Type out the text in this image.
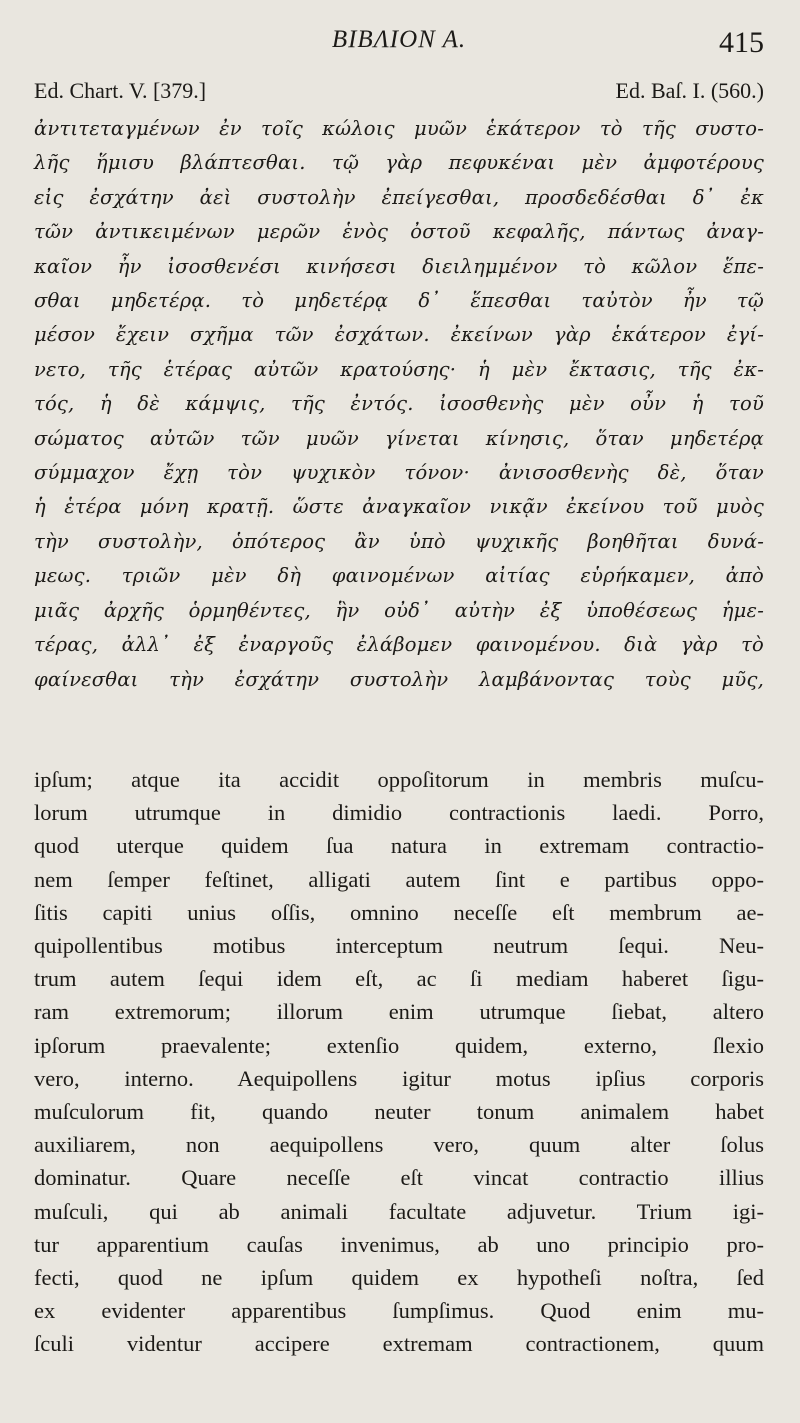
ΒΙΒΛΙΟΝ Α.	415
Ed. Chart. V. [379.]	Ed. Baſ. I. (560.)
ἀντιτεταγμένων ἐν τοῖς κώλοις μυῶν ἑκάτερον τὸ τῆς συστο-
λῆς ἥμισυ βλάπτεσθαι. τῷ γὰρ πεφυκέναι μὲν ἀμφοτέρους
εἰς ἐσχάτην ἀεὶ συστολὴν ἐπείγεσθαι, προσδεδέσθαι δ᾽ ἐκ
τῶν ἀντικειμένων μερῶν ἑνὸς ὀστοῦ κεφαλῆς, πάντως ἀναγ-
καῖον ἦν ἰσοσθενέσι κινήσεσι διειλημμένον τὸ κῶλον ἕπε-
σθαι μηδετέρᾳ. τὸ μηδετέρᾳ δ᾽ ἕπεσθαι ταὐτὸν ἦν τῷ
μέσον ἔχειν σχῆμα τῶν ἐσχάτων. ἐκείνων γὰρ ἑκάτερον ἐγί-
νετο, τῆς ἑτέρας αὐτῶν κρατούσης· ἡ μὲν ἔκτασις, τῆς ἐκ-
τός, ἡ δὲ κάμψις, τῆς ἐντός. ἰσοσθενὴς μὲν οὖν ἡ τοῦ
σώματος αὐτῶν τῶν μυῶν γίνεται κίνησις, ὅταν μηδετέρᾳ
σύμμαχον ἔχῃ τὸν ψυχικὸν τόνον· ἀνισοσθενὴς δὲ, ὅταν
ἡ ἑτέρα μόνη κρατῇ. ὥστε ἀναγκαῖον νικᾷν ἐκείνου τοῦ μυὸς
τὴν συστολὴν, ὁπότερος ἂν ὑπὸ ψυχικῆς βοηθῆται δυνά-
μεως. τριῶν μὲν δὴ φαινομένων αἰτίας εὑρήκαμεν, ἀπὸ
μιᾶς ἀρχῆς ὁρμηθέντες, ἣν οὐδ᾽ αὐτὴν ἐξ ὑποθέσεως ἡμε-
τέρας, ἀλλ᾽ ἐξ ἐναργοῦς ἐλάβομεν φαινομένου. διὰ γὰρ τὸ
φαίνεσθαι τὴν ἐσχάτην συστολὴν λαμβάνοντας τοὺς μῦς,
ipſum; atque ita accidit oppoſitorum in membris muſcu-
lorum utrumque in dimidio contractionis laedi. Porro,
quod uterque quidem ſua natura in extremam contractio-
nem ſemper feſtinet, alligati autem ſint e partibus oppo-
ſitis capiti unius oſſis, omnino neceſſe eſt membrum ae-
quipollentibus motibus interceptum neutrum ſequi. Neu-
trum autem ſequi idem eſt, ac ſi mediam haberet ſigu-
ram extremorum; illorum enim utrumque ſiebat, altero
ipſorum praevalente; extenſio quidem, externo, ſlexio
vero, interno. Aequipollens igitur motus ipſius corporis
muſculorum fit, quando neuter tonum animalem habet
auxiliarem, non aequipollens vero, quum alter ſolus
dominatur. Quare neceſſe eſt vincat contractio illius
muſculi, qui ab animali facultate adjuvetur. Trium igi-
tur apparentium cauſas invenimus, ab uno principio pro-
fecti, quod ne ipſum quidem ex hypotheſi noſtra, ſed
ex evidenter apparentibus ſumpſimus. Quod enim mu-
ſculi videntur accipere extremam contractionem, quum
